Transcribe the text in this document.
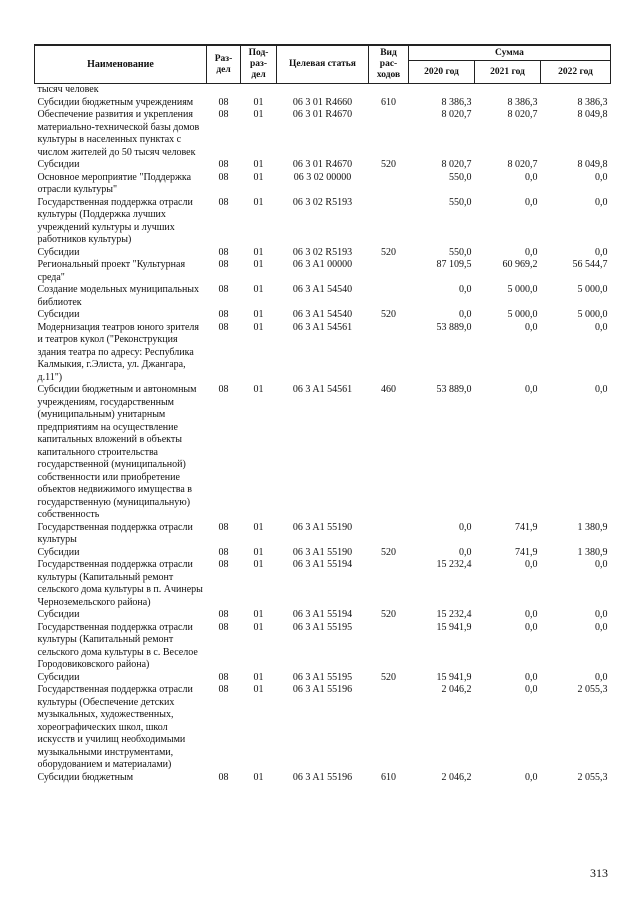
Наименование	Раз-дел	Под-раз-дел	Целевая статья	Вид рас-ходов	Сумма		
					2020 год	2021 год	2022 год
тысяч человек							
Субсидии бюджетным учреждениям	08	01	06 3 01 R4660	610	8 386,3	8 386,3	8 386,3
Обеспечение развития и укрепления материально-технической базы домов культуры в населенных пунктах с числом жителей до 50 тысяч человек	08	01	06 3 01 R4670		8 020,7	8 020,7	8 049,8
Субсидии	08	01	06 3 01 R4670	520	8 020,7	8 020,7	8 049,8
Основное мероприятие "Поддержка отрасли культуры"	08	01	06 3 02 00000		550,0	0,0	0,0
Государственная поддержка отрасли культуры (Поддержка лучших учреждений культуры и лучших работников культуры)	08	01	06 3 02 R5193		550,0	0,0	0,0
Субсидии	08	01	06 3 02 R5193	520	550,0	0,0	0,0
Региональный проект "Культурная среда"	08	01	06 3 A1 00000		87 109,5	60 969,2	56 544,7
Создание модельных муниципальных библиотек	08	01	06 3 A1 54540		0,0	5 000,0	5 000,0
Субсидии	08	01	06 3 A1 54540	520	0,0	5 000,0	5 000,0
Модернизация театров юного зрителя и театров кукол ("Реконструкция здания театра по адресу: Республика Калмыкия, г.Элиста, ул. Джангара, д.11")	08	01	06 3 A1 54561		53 889,0	0,0	0,0
Субсидии бюджетным и автономным учреждениям, государственным (муниципальным) унитарным предприятиям на осуществление капитальных вложений в объекты капитального строительства государственной (муниципальной) собственности или приобретение объектов недвижимого имущества в государственную (муниципальную) собственность	08	01	06 3 A1 54561	460	53 889,0	0,0	0,0
Государственная поддержка отрасли культуры	08	01	06 3 A1 55190		0,0	741,9	1 380,9
Субсидии	08	01	06 3 A1 55190	520	0,0	741,9	1 380,9
Государственная поддержка отрасли культуры (Капитальный ремонт сельского дома культуры в п. Ачинеры Черноземельского района)	08	01	06 3 A1 55194		15 232,4	0,0	0,0
Субсидии	08	01	06 3 A1 55194	520	15 232,4	0,0	0,0
Государственная поддержка отрасли культуры (Капитальный ремонт сельского дома культуры в с. Веселое Городовиковского района)	08	01	06 3 A1 55195		15 941,9	0,0	0,0
Субсидии	08	01	06 3 A1 55195	520	15 941,9	0,0	0,0
Государственная поддержка отрасли культуры (Обеспечение детских музыкальных, художественных, хореографических школ, школ искусств и училищ необходимыми музыкальными инструментами, оборудованием и материалами)	08	01	06 3 A1 55196		2 046,2	0,0	2 055,3
Субсидии бюджетным	08	01	06 3 A1 55196	610	2 046,2	0,0	2 055,3
313
